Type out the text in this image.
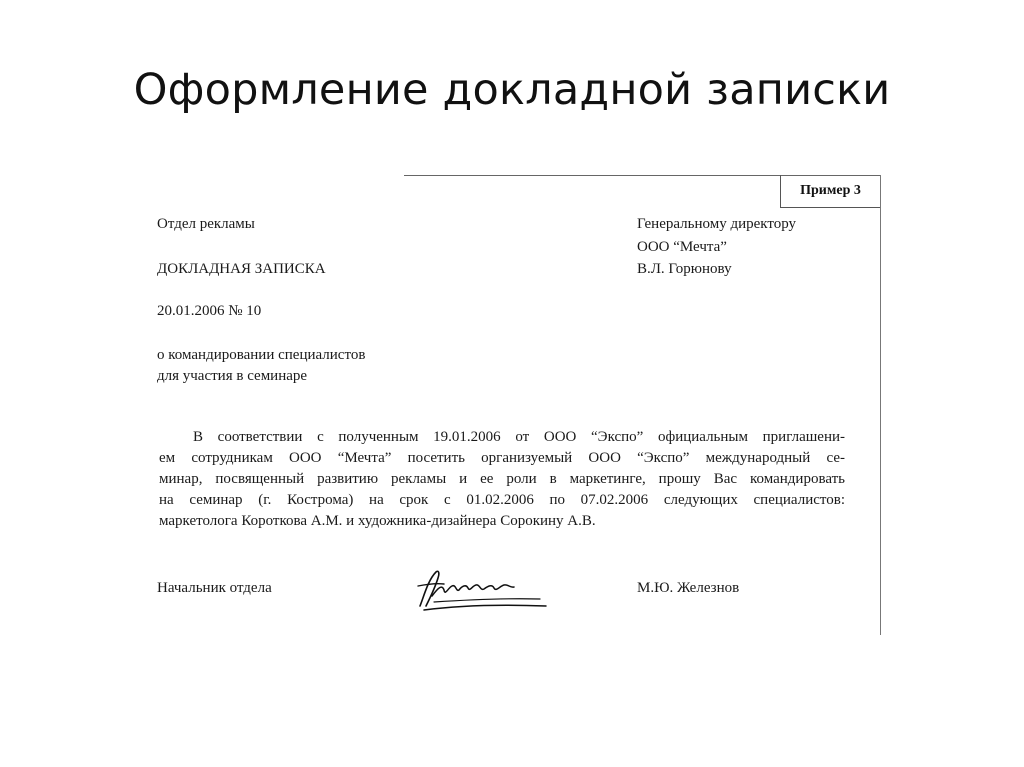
Оформление докладной записки
Пример 3
Отдел рекламы	Генеральному директору
ООО “Мечта”
В.Л. Горюнову
ДОКЛАДНАЯ ЗАПИСКА
20.01.2006 № 10
о командировании специалистов
для участия в семинаре
В соответствии с полученным 19.01.2006 от ООО “Экспо” официальным приглашени-
ем сотрудникам ООО “Мечта” посетить организуемый ООО “Экспо” международный се-
минар, посвященный развитию рекламы и ее роли в маркетинге, прошу Вас командировать
на семинар (г. Кострома) на срок с 01.02.2006 по 07.02.2006 следующих специалистов:
маркетолога Короткова А.М. и художника-дизайнера Сорокину А.В.
Начальник отдела	М.Ю. Железнов
